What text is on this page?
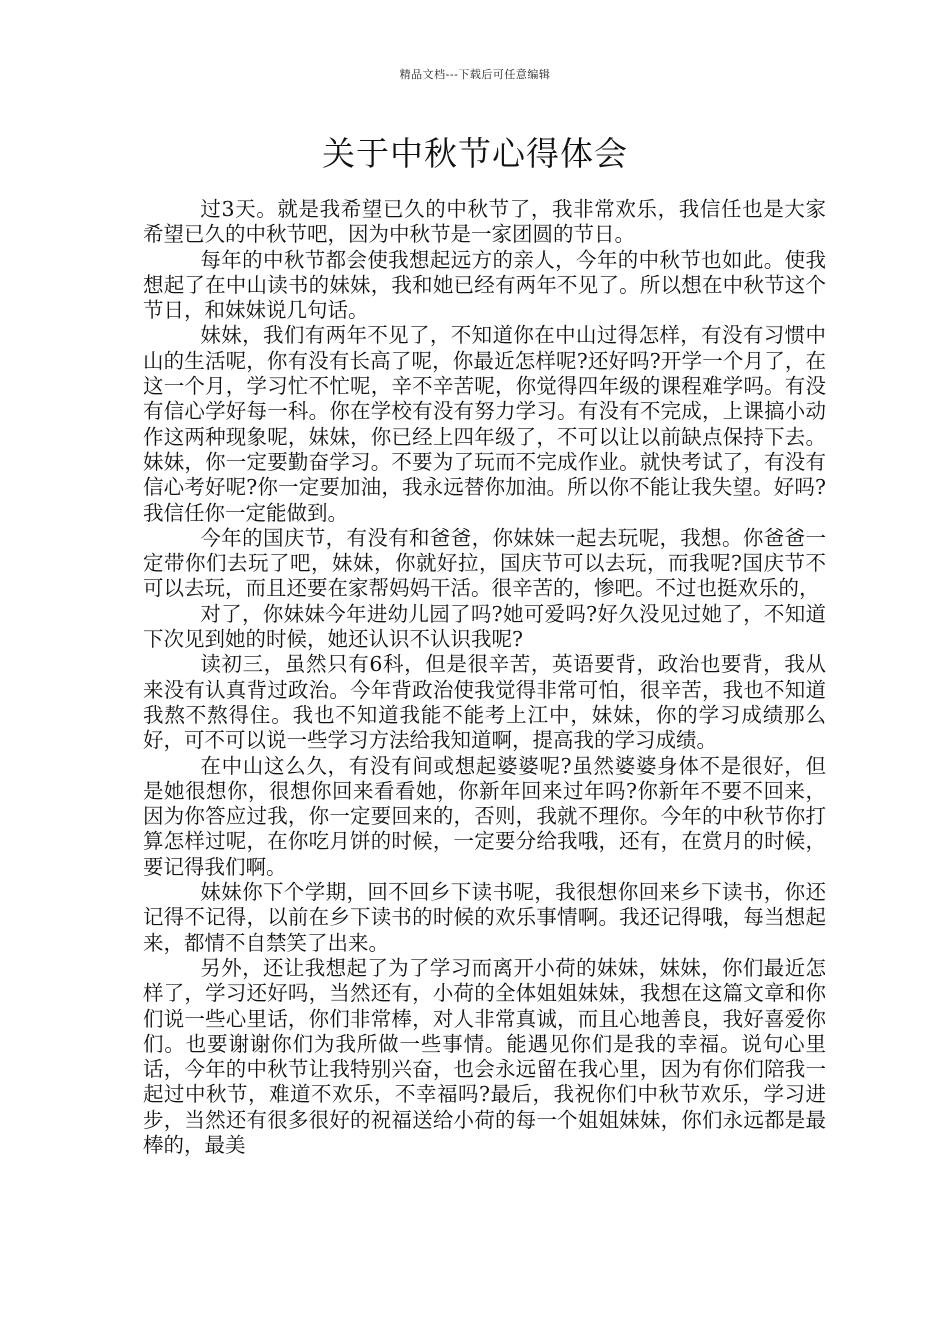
精品文档---下载后可任意编辑
关于中秋节心得体会

过3天。就是我希望已久的中秋节了，我非常欢乐，我信任也是大家希望已久的中秋节吧，因为中秋节是一家团圆的节日。

每年的中秋节都会使我想起远方的亲人，今年的中秋节也如此。使我想起了在中山读书的妹妹，我和她已经有两年不见了。所以想在中秋节这个节日，和妹妹说几句话。

妹妹，我们有两年不见了，不知道你在中山过得怎样，有没有习惯中山的生活呢，你有没有长高了呢，你最近怎样呢?还好吗?开学一个月了，在这一个月，学习忙不忙呢，辛不辛苦呢，你觉得四年级的课程难学吗。有没有信心学好每一科。你在学校有没有努力学习。有没有不完成，上课搞小动作这两种现象呢，妹妹，你已经上四年级了，不可以让以前缺点保持下去。妹妹，你一定要勤奋学习。不要为了玩而不完成作业。就快考试了，有没有信心考好呢?你一定要加油，我永远替你加油。所以你不能让我失望。好吗?我信任你一定能做到。

今年的国庆节，有没有和爸爸，你妹妹一起去玩呢，我想。你爸爸一定带你们去玩了吧，妹妹，你就好拉，国庆节可以去玩，而我呢?国庆节不可以去玩，而且还要在家帮妈妈干活。很辛苦的，惨吧。不过也挺欢乐的，

对了，你妹妹今年进幼儿园了吗?她可爱吗?好久没见过她了，不知道下次见到她的时候，她还认识不认识我呢?

读初三，虽然只有6科，但是很辛苦，英语要背，政治也要背，我从来没有认真背过政治。今年背政治使我觉得非常可怕，很辛苦，我也不知道我熬不熬得住。我也不知道我能不能考上江中，妹妹，你的学习成绩那么好，可不可以说一些学习方法给我知道啊，提高我的学习成绩。

在中山这么久，有没有间或想起婆婆呢?虽然婆婆身体不是很好，但是她很想你，很想你回来看看她，你新年回来过年吗?你新年不要不回来，因为你答应过我，你一定要回来的，否则，我就不理你。今年的中秋节你打算怎样过呢，在你吃月饼的时候，一定要分给我哦，还有，在赏月的时候，要记得我们啊。

妹妹你下个学期，回不回乡下读书呢，我很想你回来乡下读书，你还记得不记得，以前在乡下读书的时候的欢乐事情啊。我还记得哦，每当想起来，都情不自禁笑了出来。

另外，还让我想起了为了学习而离开小荷的妹妹，妹妹，你们最近怎样了，学习还好吗，当然还有，小荷的全体姐姐妹妹，我想在这篇文章和你们说一些心里话，你们非常棒，对人非常真诚，而且心地善良，我好喜爱你们。也要谢谢你们为我所做一些事情。能遇见你们是我的幸福。说句心里话，今年的中秋节让我特别兴奋，也会永远留在我心里，因为有你们陪我一起过中秋节，难道不欢乐，不幸福吗?最后，我祝你们中秋节欢乐，学习进步，当然还有很多很好的祝福送给小荷的每一个姐姐妹妹，你们永远都是最棒的，最美
